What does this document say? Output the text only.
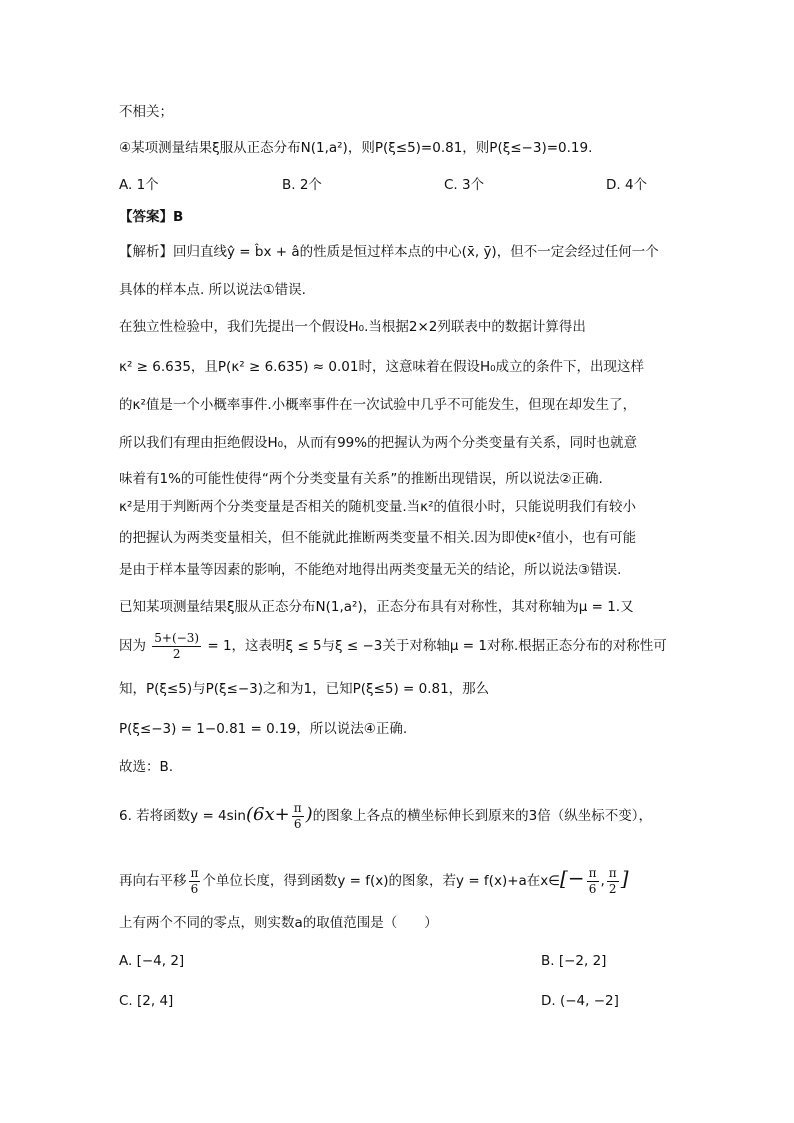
不相关；
④某项测量结果ξ服从正态分布N(1,a²)，则P(ξ≤5)=0.81，则P(ξ≤−3)=0.19.
A. 1个	B. 2个	C. 3个	D. 4个
【答案】B
【解析】回归直线ŷ = b̂x + â的性质是恒过样本点的中心(x̄, ȳ)，但不一定会经过任何一个
具体的样本点. 所以说法①错误.
在独立性检验中，我们先提出一个假设H₀.当根据2×2列联表中的数据计算得出
κ² ≥ 6.635，且P(κ² ≥ 6.635) ≈ 0.01时，这意味着在假设H₀成立的条件下，出现这样
的κ²值是一个小概率事件.小概率事件在一次试验中几乎不可能发生，但现在却发生了，
所以我们有理由拒绝假设H₀，从而有99%的把握认为两个分类变量有关系，同时也就意
味着有1%的可能性使得“两个分类变量有关系”的推断出现错误，所以说法②正确.
κ²是用于判断两个分类变量是否相关的随机变量.当κ²的值很小时，只能说明我们有较小
的把握认为两类变量相关，但不能就此推断两类变量不相关.因为即使κ²值小，也有可能
是由于样本量等因素的影响，不能绝对地得出两类变量无关的结论，所以说法③错误.
已知某项测量结果ξ服从正态分布N(1,a²)，正态分布具有对称性，其对称轴为μ = 1.又
因为 $\frac{5+(-3)}{2} = 1$，这表明ξ ≤ 5与ξ ≤ −3关于对称轴μ = 1对称.根据正态分布的对称性可
知，P(ξ≤5)与P(ξ≤−3)之和为1，已知P(ξ≤5) = 0.81，那么
P(ξ≤−3) = 1−0.81 = 0.19，所以说法④正确.
故选：B.
6. 若将函数$y = 4\sin(6x+ \frac{\pi}{6}$ )的图象上各点的横坐标伸长到原来的3倍（纵坐标不变），
再向右平移 $\frac{\pi}{6}$ 个单位长度，得到函数y = f(x)的图象，若y = f(x)+a在x∈[− $\frac{\pi}{6}$ , $\frac{\pi}{2}$ ]
上有两个不同的零点，则实数a的取值范围是（　　）
A. [−4, 2]	B. [−2, 2]
C. [2, 4]	D. (−4, −2]
